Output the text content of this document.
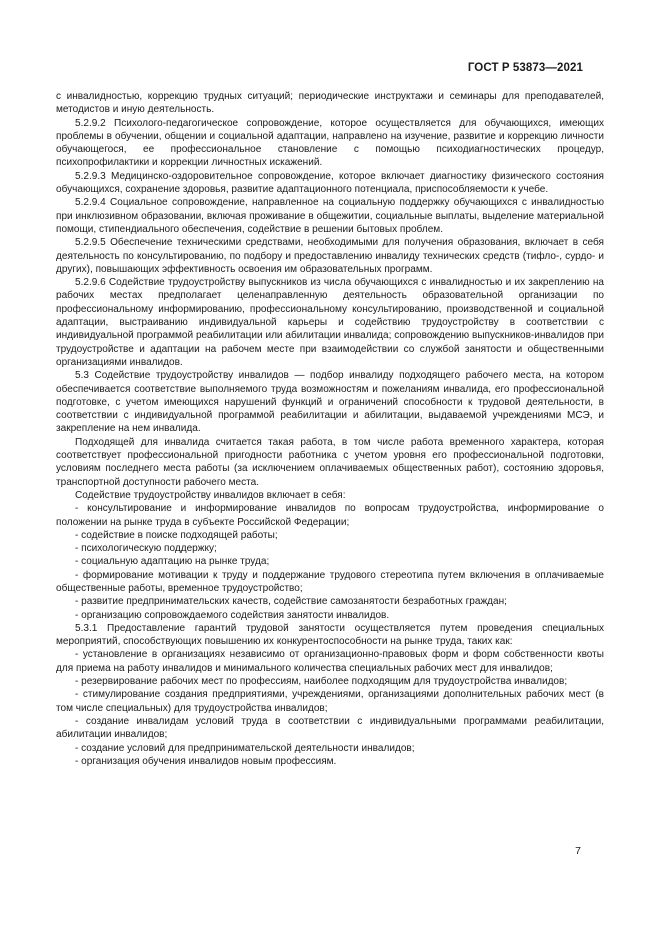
ГОСТ Р 53873—2021

с инвалидностью, коррекцию трудных ситуаций; периодические инструктажи и семинары для преподавателей, методистов и иную деятельность.

5.2.9.2 Психолого-педагогическое сопровождение, которое осуществляется для обучающихся, имеющих проблемы в обучении, общении и социальной адаптации, направлено на изучение, развитие и коррекцию личности обучающегося, ее профессиональное становление с помощью психодиагностических процедур, психопрофилактики и коррекции личностных искажений.

5.2.9.3 Медицинско-оздоровительное сопровождение, которое включает диагностику физического состояния обучающихся, сохранение здоровья, развитие адаптационного потенциала, приспособляемости к учебе.

5.2.9.4 Социальное сопровождение, направленное на социальную поддержку обучающихся с инвалидностью при инклюзивном образовании, включая проживание в общежитии, социальные выплаты, выделение материальной помощи, стипендиального обеспечения, содействие в решении бытовых проблем.

5.2.9.5 Обеспечение техническими средствами, необходимыми для получения образования, включает в себя деятельность по консультированию, по подбору и предоставлению инвалиду технических средств (тифло-, сурдо- и других), повышающих эффективность освоения им образовательных программ.

5.2.9.6 Содействие трудоустройству выпускников из числа обучающихся с инвалидностью и их закреплению на рабочих местах предполагает целенаправленную деятельность образовательной организации по профессиональному информированию, профессиональному консультированию, производственной и социальной адаптации, выстраиванию индивидуальной карьеры и содействию трудоустройству в соответствии с индивидуальной программой реабилитации или абилитации инвалида; сопровождению выпускников-инвалидов при трудоустройстве и адаптации на рабочем месте при взаимодействии со службой занятости и общественными организациями инвалидов.

5.3 Содействие трудоустройству инвалидов — подбор инвалиду подходящего рабочего места, на котором обеспечивается соответствие выполняемого труда возможностям и пожеланиям инвалида, его профессиональной подготовке, с учетом имеющихся нарушений функций и ограничений способности к трудовой деятельности, в соответствии с индивидуальной программой реабилитации и абилитации, выдаваемой учреждениями МСЭ, и закрепление на нем инвалида.

Подходящей для инвалида считается такая работа, в том числе работа временного характера, которая соответствует профессиональной пригодности работника с учетом уровня его профессиональной подготовки, условиям последнего места работы (за исключением оплачиваемых общественных работ), состоянию здоровья, транспортной доступности рабочего места.

Содействие трудоустройству инвалидов включает в себя:

- консультирование и информирование инвалидов по вопросам трудоустройства, информирование о положении на рынке труда в субъекте Российской Федерации;

- содействие в поиске подходящей работы;

- психологическую поддержку;

- социальную адаптацию на рынке труда;

- формирование мотивации к труду и поддержание трудового стереотипа путем включения в оплачиваемые общественные работы, временное трудоустройство;

- развитие предпринимательских качеств, содействие самозанятости безработных граждан;

- организацию сопровождаемого содействия занятости инвалидов.

5.3.1 Предоставление гарантий трудовой занятости осуществляется путем проведения специальных мероприятий, способствующих повышению их конкурентоспособности на рынке труда, таких как:

- установление в организациях независимо от организационно-правовых форм и форм собственности квоты для приема на работу инвалидов и минимального количества специальных рабочих мест для инвалидов;

- резервирование рабочих мест по профессиям, наиболее подходящим для трудоустройства инвалидов;

- стимулирование создания предприятиями, учреждениями, организациями дополнительных рабочих мест (в том числе специальных) для трудоустройства инвалидов;

- создание инвалидам условий труда в соответствии с индивидуальными программами реабилитации, абилитации инвалидов;

- создание условий для предпринимательской деятельности инвалидов;

- организация обучения инвалидов новым профессиям.

7
